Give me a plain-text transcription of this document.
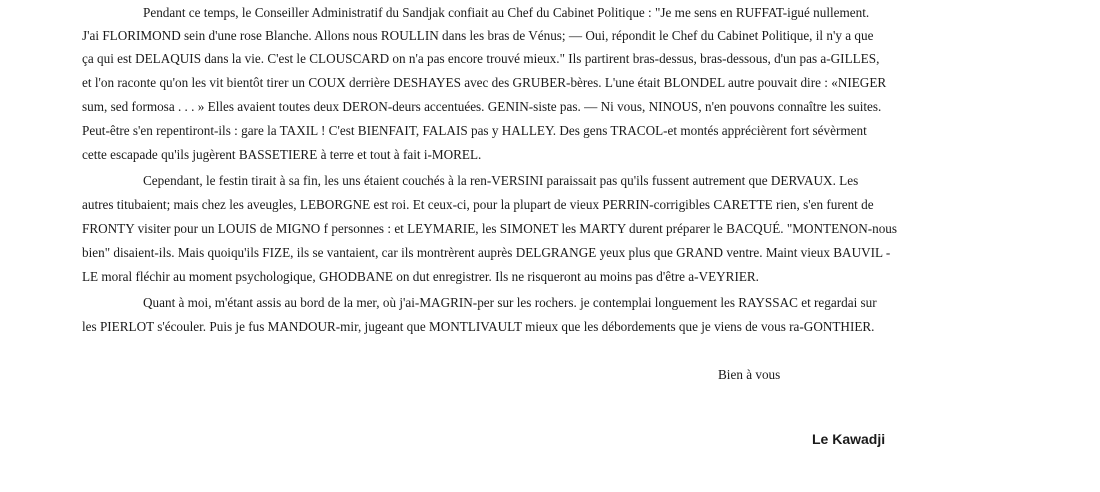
Pendant ce temps, le Conseiller Administratif du Sandjak confiait au Chef du Cabinet Politique : "Je me sens en RUFFAT-igué nullement.
J'ai FLORIMOND sein d'une rose Blanche. Allons nous ROULLIN dans les bras de Vénus; — Oui, répondit le Chef du Cabinet Politique, il n'y a que
ça qui est DELAQUIS dans la vie. C'est le CLOUSCARD on n'a pas encore trouvé mieux." Ils partirent bras-dessus, bras-dessous, d'un pas a-GILLES,
et l'on raconte qu'on les vit bientôt tirer un COUX derrière DESHAYES avec des GRUBER-bères. L'une était BLONDEL autre pouvait dire : «NIEGER
sum, sed formosa . . . » Elles avaient toutes deux DERON-deurs accentuées. GENIN-siste pas. — Ni vous, NINOUS, n'en pouvons connaître les suites.
Peut-être s'en repentiront-ils : gare la TAXIL ! C'est BIENFAIT, FALAIS pas y HALLEY. Des gens TRACOL-et montés apprécièrent fort sévèrment
cette escapade qu'ils jugèrent BASSETIERE à terre et tout à fait i-MOREL.
Cependant, le festin tirait à sa fin, les uns étaient couchés à la ren-VERSINI paraissait pas qu'ils fussent autrement que DERVAUX. Les
autres titubaient; mais chez les aveugles, LEBORGNE est roi. Et ceux-ci, pour la plupart de vieux PERRIN-corrigibles CARETTE rien, s'en furent de
FRONTY visiter pour un LOUIS de MIGNO f personnes : et LEYMARIE, les SIMONET les MARTY durent préparer le BACQUÉ. "MONTENON-nous
bien" disaient-ils. Mais quoiqu'ils FIZE, ils se vantaient, car ils montrèrent auprès DELGRANGE yeux plus que GRAND ventre. Maint vieux BAUVIL -
LE moral fléchir au moment psychologique, GHODBANE on dut enregistrer. Ils ne risqueront au moins pas d'être a-VEYRIER.
Quant à moi, m'étant assis au bord de la mer, où j'ai-MAGRIN-per sur les rochers. je contemplai longuement les RAYSSAC et regardai sur
les PIERLOT s'écouler. Puis je fus MANDOUR-mir, jugeant que MONTLIVAULT mieux que les débordements que je viens de vous ra-GONTHIER.
Bien à vous
Le Kawadji
